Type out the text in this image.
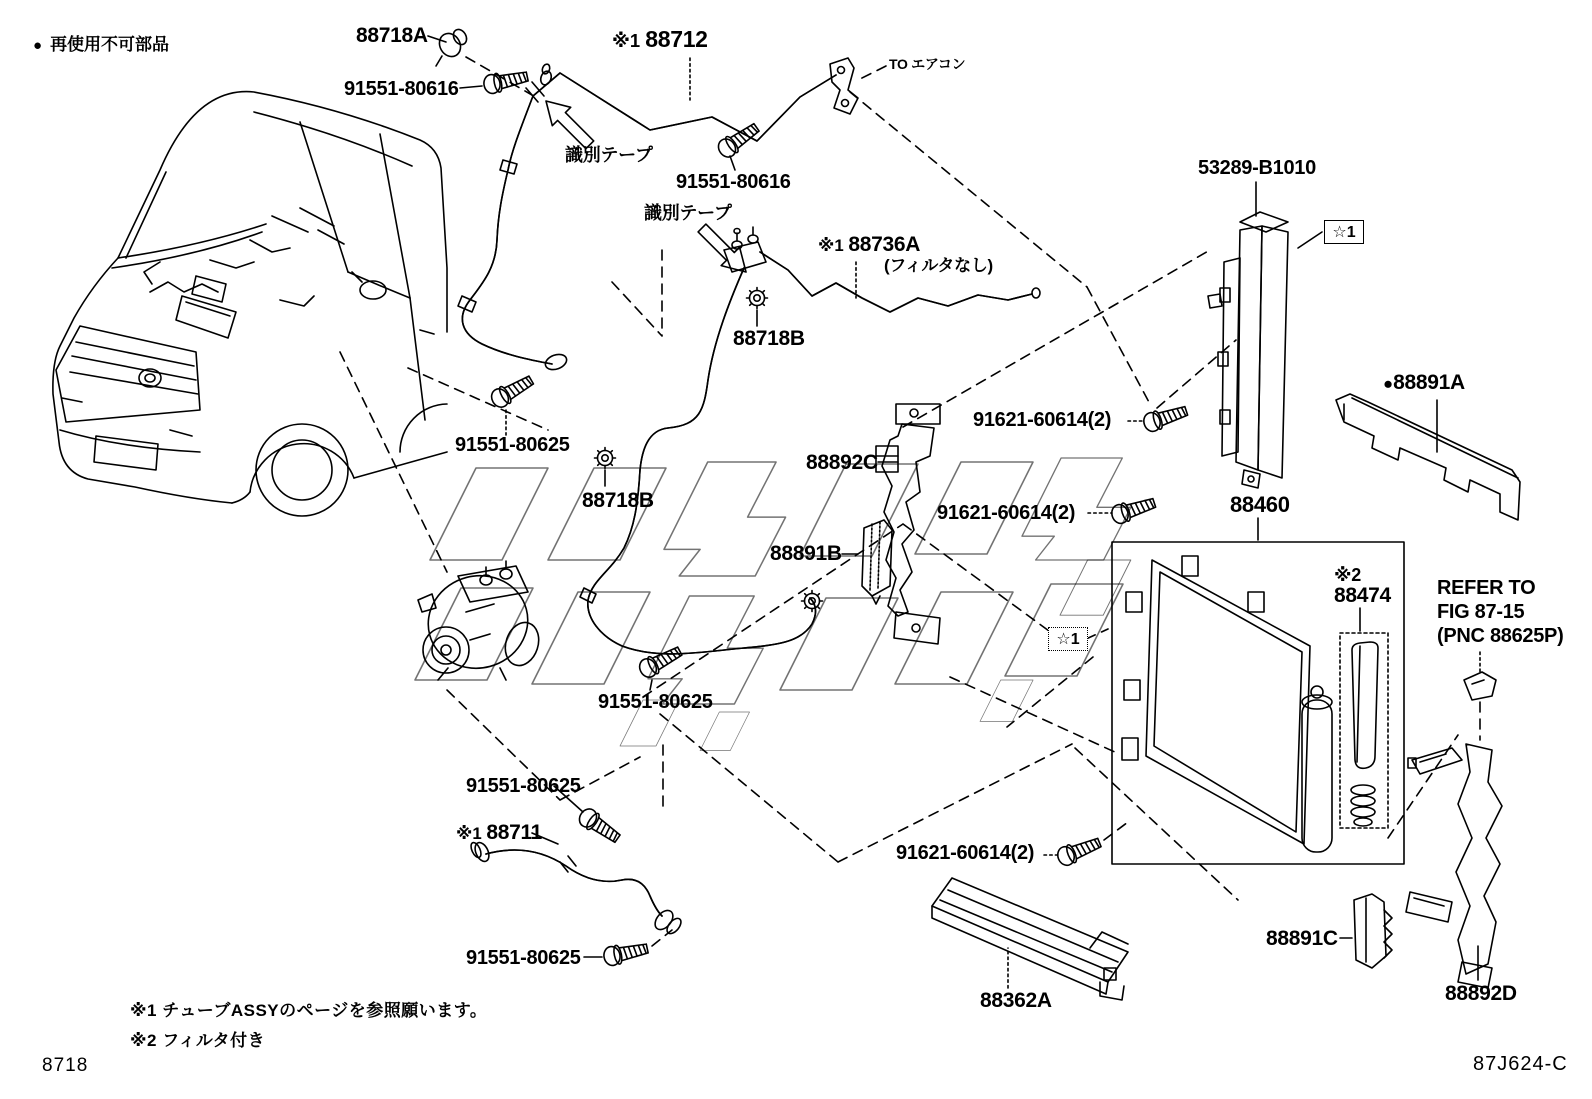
88718A
91551-80616
※1 88712
TO エアコン
識別テープ
91551-80616
識別テープ
※1 88736A
(フィルタなし)
88718B
53289-B1010
●88891A
91551-80625
88718B
91621-60614(2)
88892C
91621-60614(2)
88891B
88460
※2
88474 REFER TO
FIG 87-15
(PNC 88625P)
91551-80625
91551-80625
※1 88711
91551-80625
91621-60614(2)
88362A
88891C
88892D
☆1
☆1
● 再使用不可部品
※1 チューブASSYのページを参照願います。
※2 フィルタ付き
8718	87J624-C
